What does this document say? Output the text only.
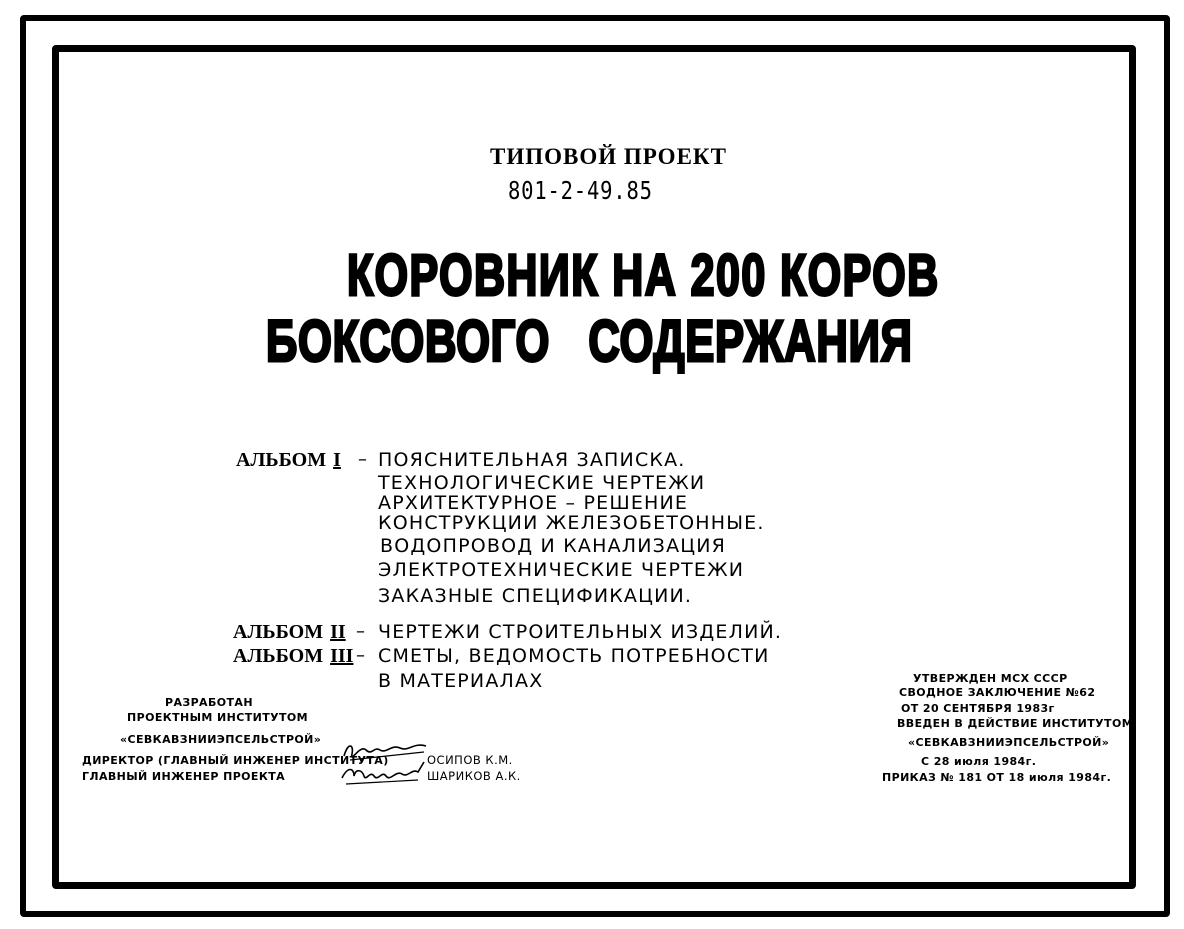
ТИПОВОЙ ПРОЕКТ
801-2-49.85
КОРОВНИК НА 200 КОРОВ
БОКСОВОГО СОДЕРЖАНИЯ
АЛЬБОМ I – ПОЯСНИТЕЛЬНАЯ ЗАПИСКА.
ТЕХНОЛОГИЧЕСКИЕ ЧЕРТЕЖИ
АРХИТЕКТУРНОЕ – РЕШЕНИЕ
КОНСТРУКЦИИ ЖЕЛЕЗОБЕТОННЫЕ.
ВОДОПРОВОД И КАНАЛИЗАЦИЯ
ЭЛЕКТРОТЕХНИЧЕСКИЕ ЧЕРТЕЖИ
ЗАКАЗНЫЕ СПЕЦИФИКАЦИИ.
АЛЬБОМ II – ЧЕРТЕЖИ СТРОИТЕЛЬНЫХ ИЗДЕЛИЙ.
АЛЬБОМ III – СМЕТЫ, ВЕДОМОСТЬ ПОТРЕБНОСТИ
В МАТЕРИАЛАХ
РАЗРАБОТАН
ПРОЕКТНЫМ ИНСТИТУТОМ
«СЕВКАВЗНИИЭПСЕЛЬСТРОЙ»
ДИРЕКТОР (ГЛАВНЫЙ ИНЖЕНЕР ИНСТИТУТА)
ГЛАВНЫЙ ИНЖЕНЕР ПРОЕКТА
ОСИПОВ К.М.
ШАРИКОВ А.К.
УТВЕРЖДЕН МСХ СССР
СВОДНОЕ ЗАКЛЮЧЕНИЕ №62
ОТ 20 СЕНТЯБРЯ 1983г
ВВЕДЕН В ДЕЙСТВИЕ ИНСТИТУТОМ
«СЕВКАВЗНИИЭПСЕЛЬСТРОЙ»
С 28 июля 1984г.
ПРИКАЗ № 181 ОТ 18 июля 1984г.
